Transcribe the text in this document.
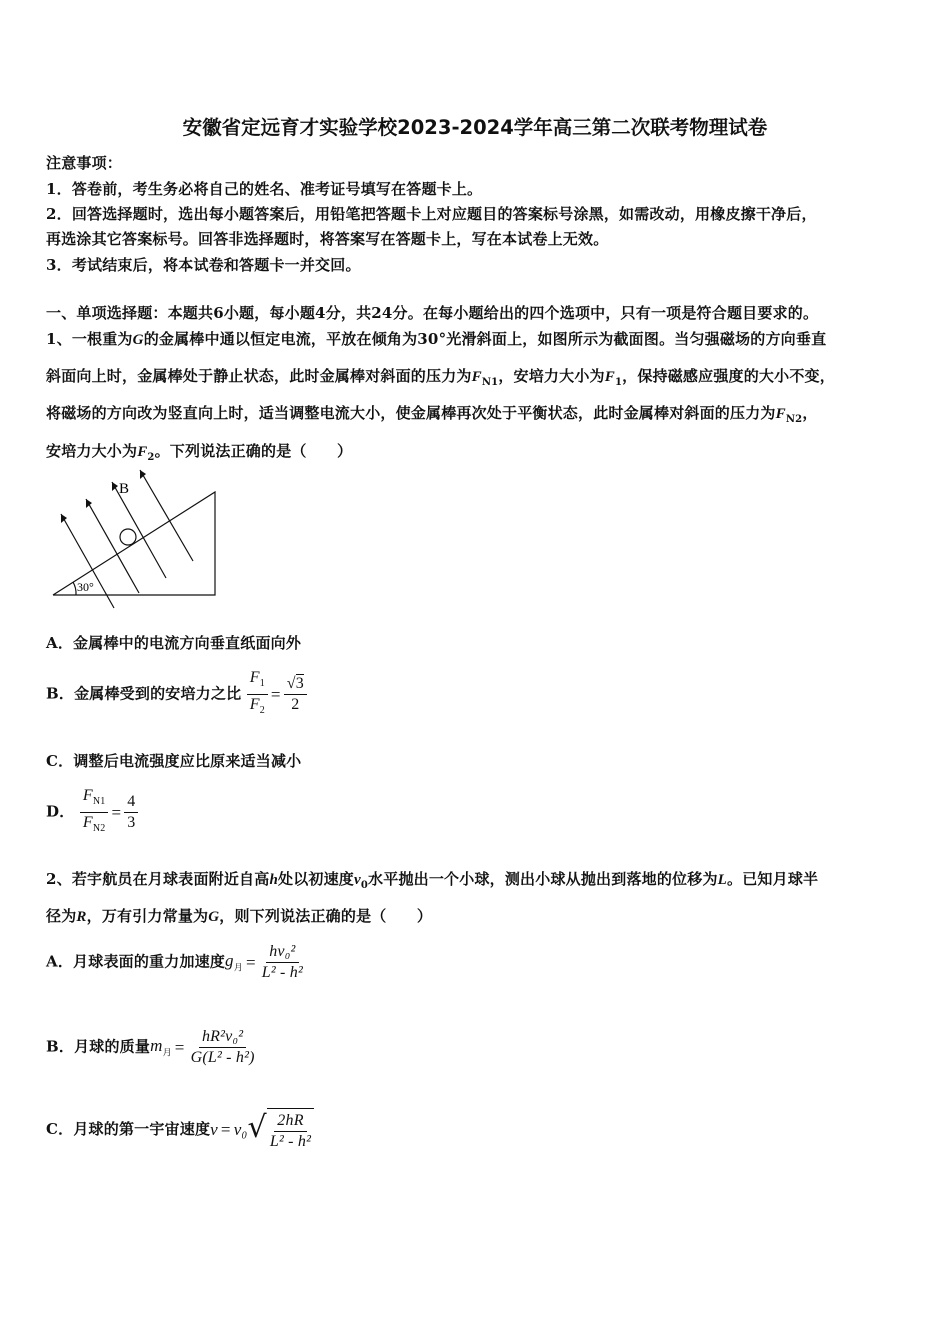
安徽省定远育才实验学校2023-2024学年高三第二次联考物理试卷
注意事项：
1．答卷前，考生务必将自己的姓名、准考证号填写在答题卡上。
2．回答选择题时，选出每小题答案后，用铅笔把答题卡上对应题目的答案标号涂黑，如需改动，用橡皮擦干净后，
再选涂其它答案标号。回答非选择题时，将答案写在答题卡上，写在本试卷上无效。
3．考试结束后，将本试卷和答题卡一并交回。
一、单项选择题：本题共6小题，每小题4分，共24分。在每小题给出的四个选项中，只有一项是符合题目要求的。
1、一根重为G的金属棒中通以恒定电流，平放在倾角为30°光滑斜面上，如图所示为截面图。当匀强磁场的方向垂直
斜面向上时，金属棒处于静止状态，此时金属棒对斜面的压力为$F_{N1}$，安培力大小为$F_1$，保持磁感应强度的大小不变，
将磁场的方向改为竖直向上时，适当调整电流大小，使金属棒再次处于平衡状态，此时金属棒对斜面的压力为$F_{N2}$，
安培力大小为$F_2$。下列说法正确的是（　　）
B
30°
A．金属棒中的电流方向垂直纸面向外
B．金属棒受到的安培力之比 $\frac{F_1}{F_2} = \frac{√3}{2}$
C．调整后电流强度应比原来适当减小
D． $\frac{F_{N1}}{F_{N2}} = \frac{4}{3}$
2、若宇航员在月球表面附近自高h处以初速度$v_0$水平抛出一个小球，测出小球从抛出到落地的位移为L。已知月球半
径为R，万有引力常量为G，则下列说法正确的是（　　）
A．月球表面的重力加速度$g_月 = \frac{\text{hv₀²}}{\text{L² - h²}}$
B．月球的质量$m_月 = \frac{\text{hR²v₀²}}{\text{G(L² - h²)}}$
C．月球的第一宇宙速度v = v₀ √ $\frac{2hR}{\text{L² - h²}}$
